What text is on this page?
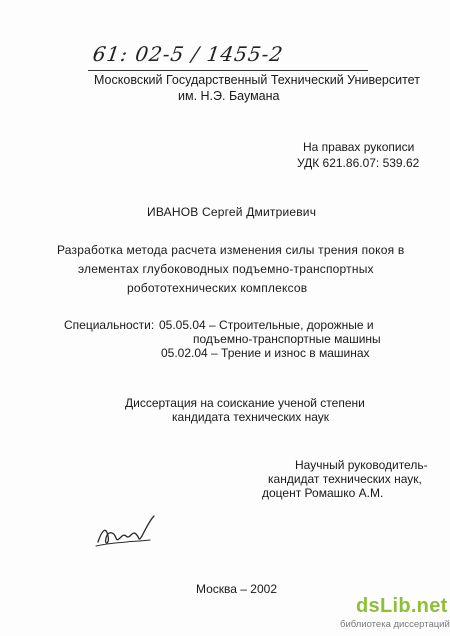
61: 02-5 / 1455-2
Московский Государственный Технический Университет
им. Н.Э. Баумана
На правах рукописи
УДК 621.86.07: 539.62
ИВАНОВ Сергей Дмитриевич
Разработка метода расчета изменения силы трения покоя в
элементах глубоководных подъемно-транспортных
робототехнических комплексов
Специальности: 05.05.04 – Строительные, дорожные и
подъемно-транспортные машины
05.02.04 – Трение и износ в машинах
Диссертация на соискание ученой степени
кандидата технических наук
Научный руководитель-
кандидат технических наук,
доцент Ромашко А.М.
Москва – 2002
dsLib.net
библиотека диссертаций
